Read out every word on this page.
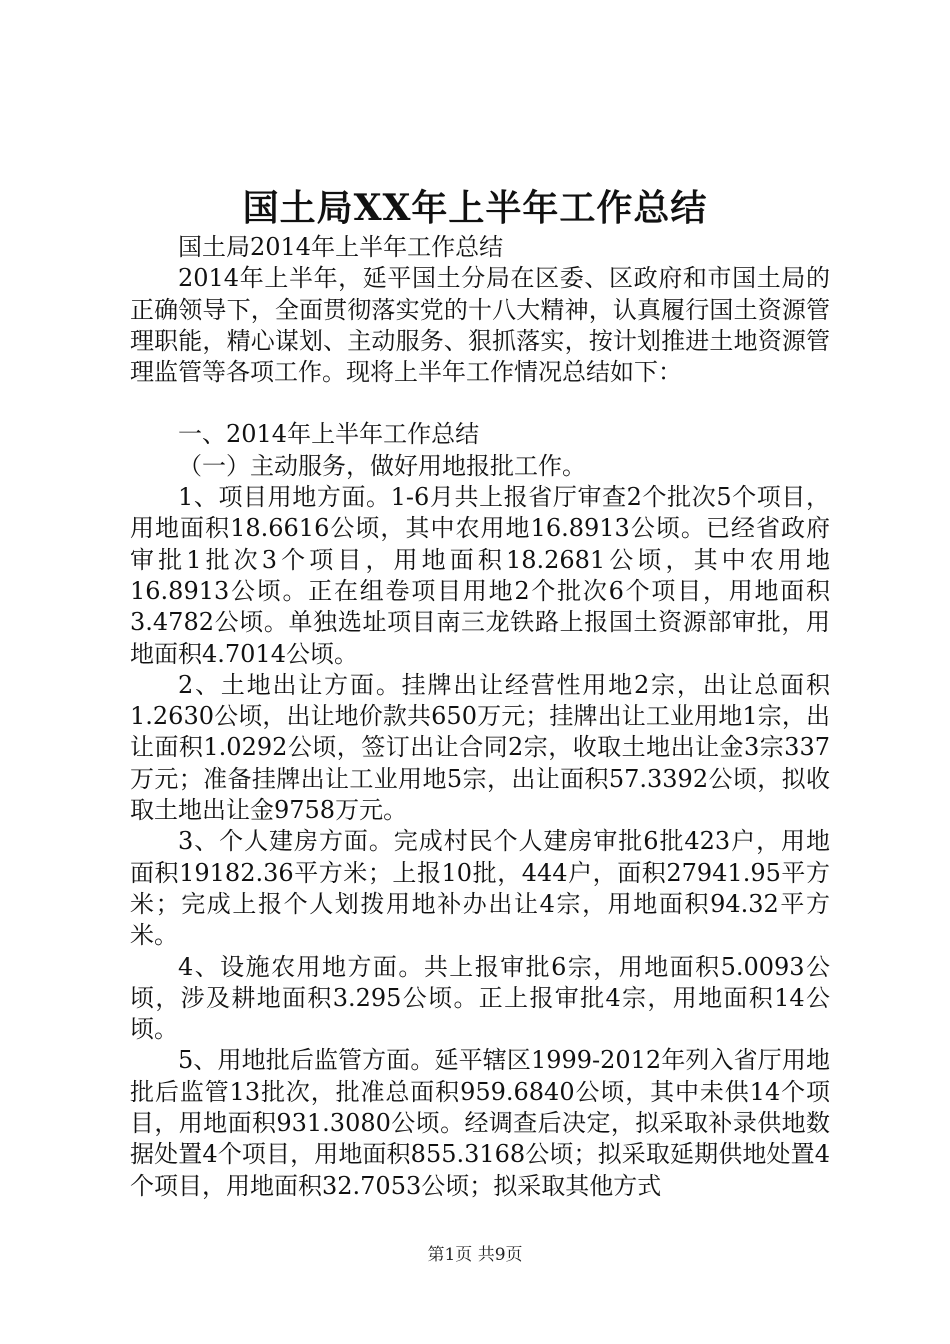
国土局XX年上半年工作总结

国土局2014年上半年工作总结

2014年上半年，延平国土分局在区委、区政府和市国土局的正确领导下，全面贯彻落实党的十八大精神，认真履行国土资源管理职能，精心谋划、主动服务、狠抓落实，按计划推进土地资源管理监管等各项工作。现将上半年工作情况总结如下：

一、2014年上半年工作总结

（一）主动服务，做好用地报批工作。

1、项目用地方面。1-6月共上报省厅审查2个批次5个项目，用地面积18.6616公顷，其中农用地16.8913公顷。已经省政府审批1批次3个项目，用地面积18.2681公顷，其中农用地16.8913公顷。正在组卷项目用地2个批次6个项目，用地面积3.4782公顷。单独选址项目南三龙铁路上报国土资源部审批，用地面积4.7014公顷。

2、土地出让方面。挂牌出让经营性用地2宗，出让总面积1.2630公顷，出让地价款共650万元；挂牌出让工业用地1宗，出让面积1.0292公顷，签订出让合同2宗，收取土地出让金3宗337万元；准备挂牌出让工业用地5宗，出让面积57.3392公顷，拟收取土地出让金9758万元。

3、个人建房方面。完成村民个人建房审批6批423户，用地面积19182.36平方米；上报10批，444户，面积27941.95平方米；完成上报个人划拨用地补办出让4宗，用地面积94.32平方米。

4、设施农用地方面。共上报审批6宗，用地面积5.0093公顷，涉及耕地面积3.295公顷。正上报审批4宗，用地面积14公顷。

5、用地批后监管方面。延平辖区1999-2012年列入省厅用地批后监管13批次，批准总面积959.6840公顷，其中未供14个项目，用地面积931.3080公顷。经调查后决定，拟采取补录供地数据处置4个项目，用地面积855.3168公顷；拟采取延期供地处置4个项目，用地面积32.7053公顷；拟采取其他方式

第1页 共9页
